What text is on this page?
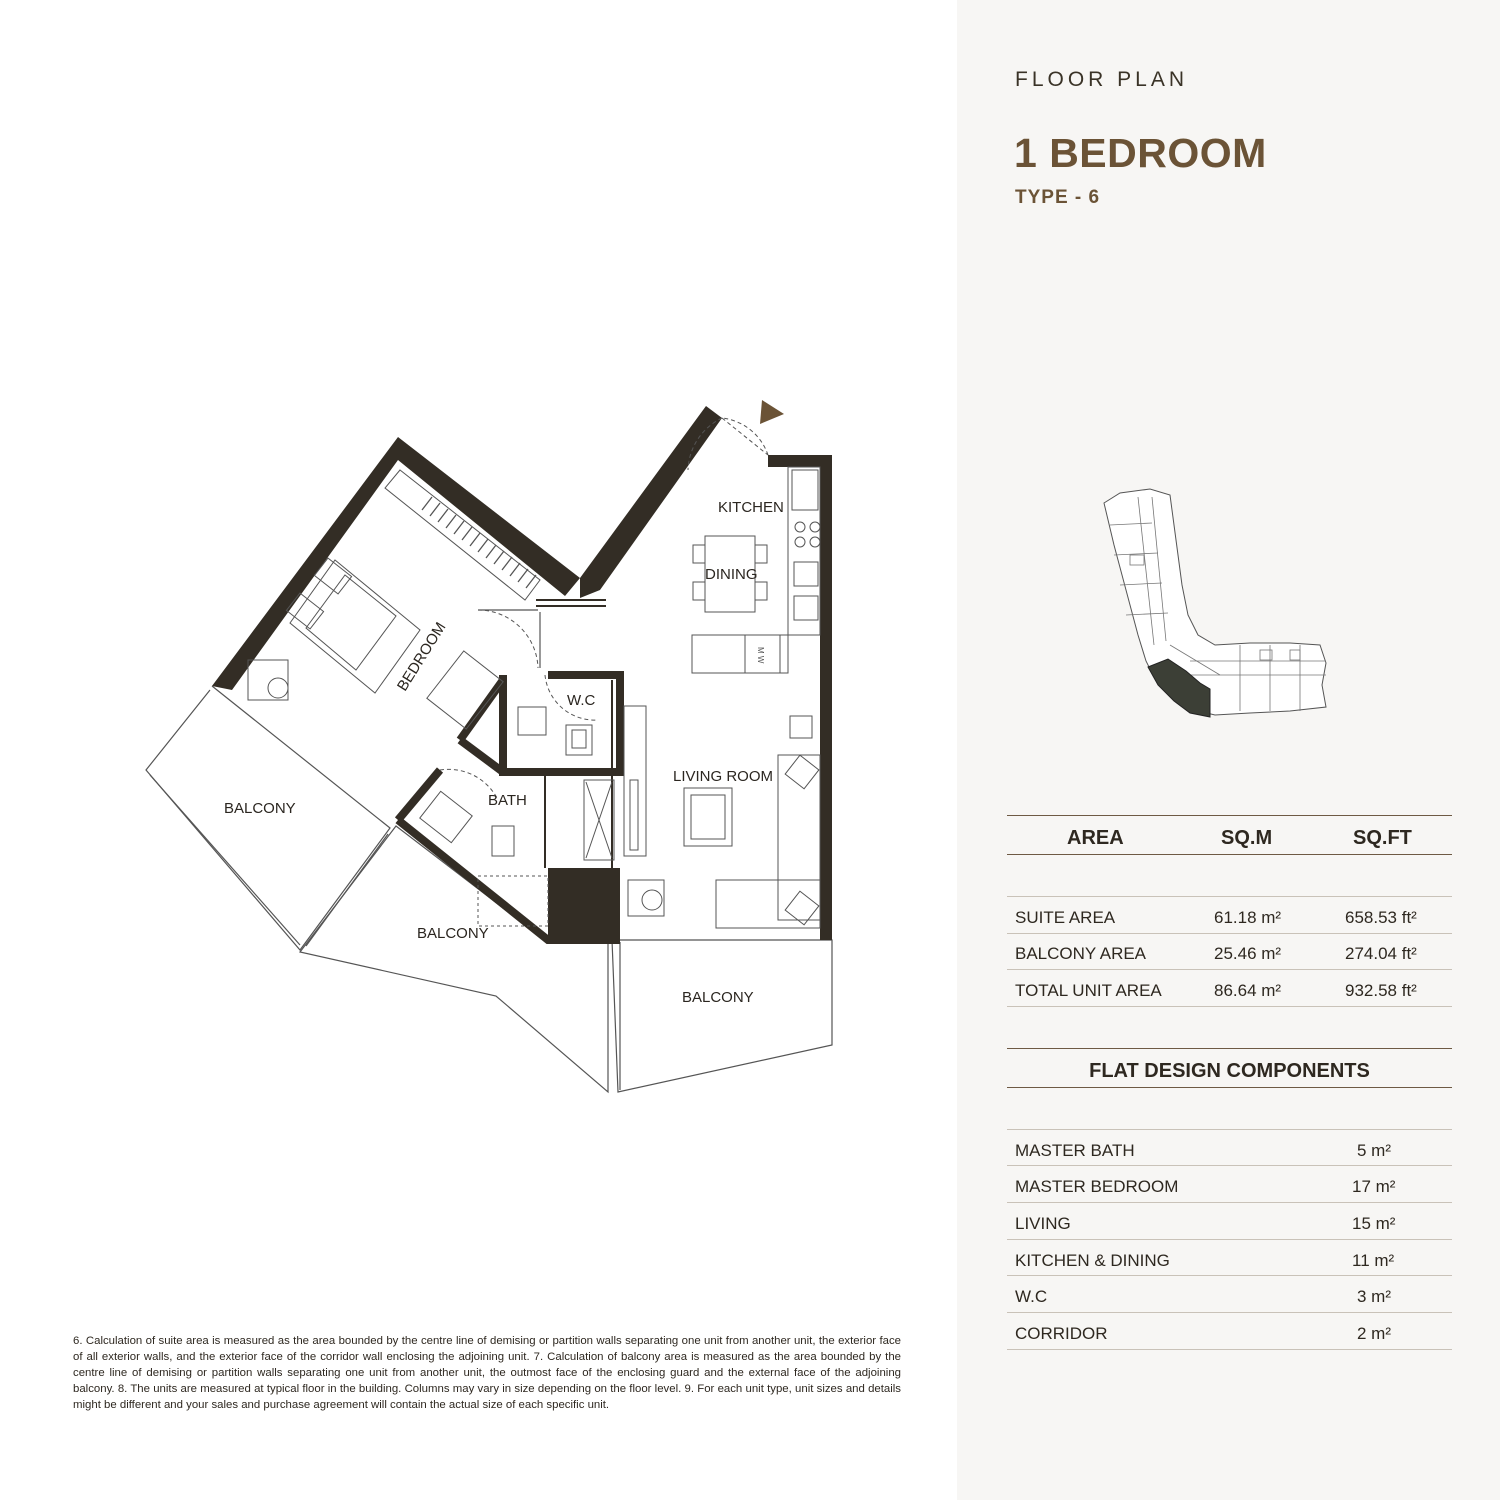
FLOOR PLAN
1 BEDROOM
TYPE - 6
AREA	SQ.M	SQ.FT
SUITE AREA	61.18 m²	658.53 ft²
BALCONY AREA	25.46 m²	274.04 ft²
TOTAL UNIT AREA	86.64 m²	932.58 ft²
FLAT DESIGN COMPONENTS
MASTER BATH	5 m²
MASTER BEDROOM	17 m²
LIVING	15 m²
KITCHEN & DINING	11 m²
W.C	3 m²
CORRIDOR	2 m²
KITCHEN
DINING
BEDROOM
W.C
LIVING ROOM
BATH
BALCONY
BALCONY
BALCONY
M W
6. Calculation of suite area is measured as the area bounded by the centre line of demising or partition walls separating one unit from another unit, the exterior face of all exterior walls, and the exterior face of the corridor wall enclosing the adjoining unit. 7. Calculation of balcony area is measured as the area bounded by the centre line of demising or partition walls separating one unit from another unit, the outmost face of the enclosing guard and the external face of the adjoining balcony. 8. The units are measured at typical floor in the building. Columns may vary in size depending on the floor level. 9. For each unit type, unit sizes and details might be different and your sales and purchase agreement will contain the actual size of each specific unit.
